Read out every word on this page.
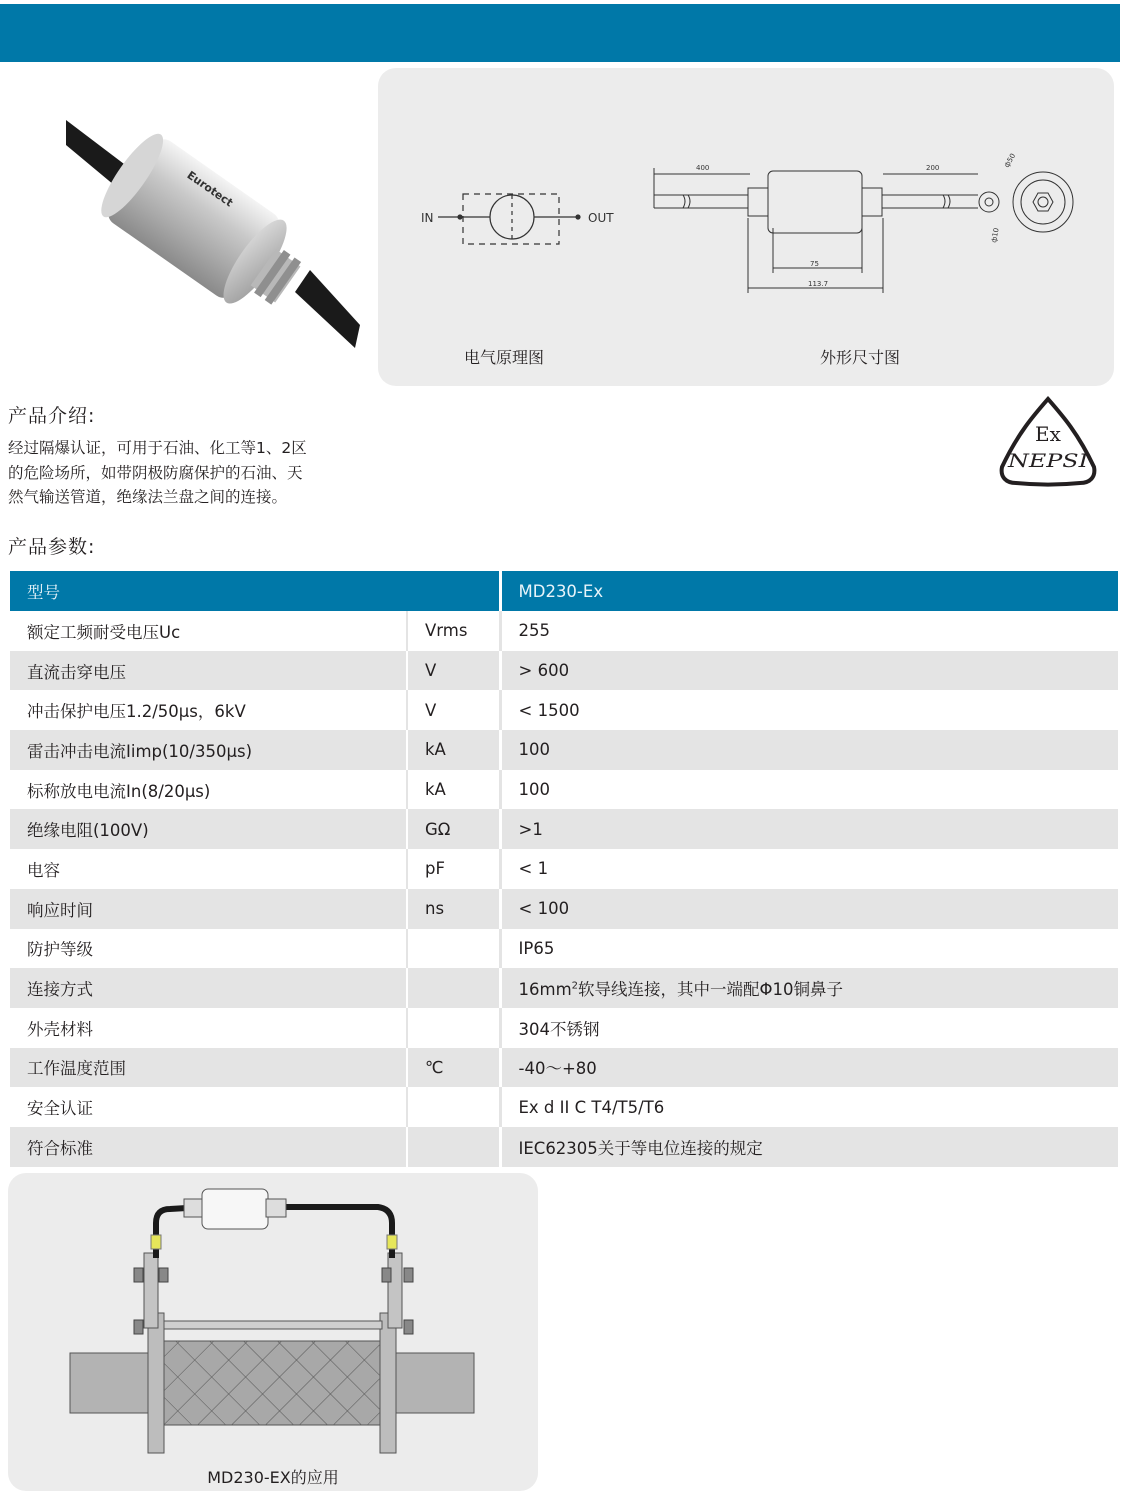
Eurotect
IN	OUT
400	200
75
113.7
ф50
ф10
电气原理图	外形尺寸图
产品介绍:
经过隔爆认证，可用于石油、化工等1、2区
的危险场所，如带阴极防腐保护的石油、天
然气输送管道，绝缘法兰盘之间的连接。
Ex
NEPSI
产品参数:
型号		MD230-Ex
额定工频耐受电压Uc	Vrms	255
直流击穿电压	V	> 600
冲击保护电压1.2/50μs，6kV	V	< 1500
雷击冲击电流Iimp(10/350μs)	kA	100
标称放电电流In(8/20μs)	kA	100
绝缘电阻(100V)	GΩ	>1
电容	pF	< 1
响应时间	ns	< 100
防护等级		IP65
连接方式		$16mm^2$软导线连接，其中一端配Φ10铜鼻子
外壳材料		304不锈钢
工作温度范围	℃	-40～+80
安全认证		Ex d II C T4/T5/T6
符合标准		IEC62305关于等电位连接的规定
MD230-EX的应用
